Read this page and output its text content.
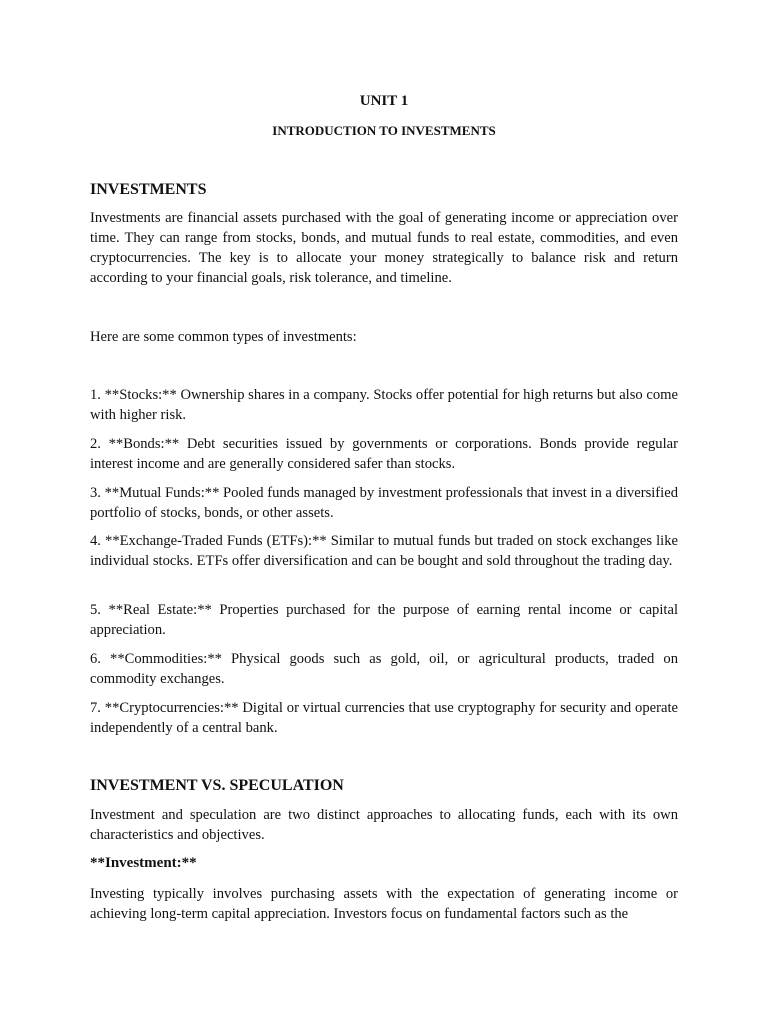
UNIT 1
INTRODUCTION TO INVESTMENTS
INVESTMENTS

Investments are financial assets purchased with the goal of generating income or appreciation over time. They can range from stocks, bonds, and mutual funds to real estate, commodities, and even cryptocurrencies. The key is to allocate your money strategically to balance risk and return according to your financial goals, risk tolerance, and timeline.

Here are some common types of investments:

1. **Stocks:** Ownership shares in a company. Stocks offer potential for high returns but also come with higher risk.

2. **Bonds:** Debt securities issued by governments or corporations. Bonds provide regular interest income and are generally considered safer than stocks.

3. **Mutual Funds:** Pooled funds managed by investment professionals that invest in a diversified portfolio of stocks, bonds, or other assets.

4. **Exchange-Traded Funds (ETFs):** Similar to mutual funds but traded on stock exchanges like individual stocks. ETFs offer diversification and can be bought and sold throughout the trading day.

5. **Real Estate:** Properties purchased for the purpose of earning rental income or capital appreciation.

6. **Commodities:** Physical goods such as gold, oil, or agricultural products, traded on commodity exchanges.

7. **Cryptocurrencies:** Digital or virtual currencies that use cryptography for security and operate independently of a central bank.

INVESTMENT VS. SPECULATION

Investment and speculation are two distinct approaches to allocating funds, each with its own characteristics and objectives.

**Investment:**

Investing typically involves purchasing assets with the expectation of generating income or achieving long-term capital appreciation. Investors focus on fundamental factors such as the
